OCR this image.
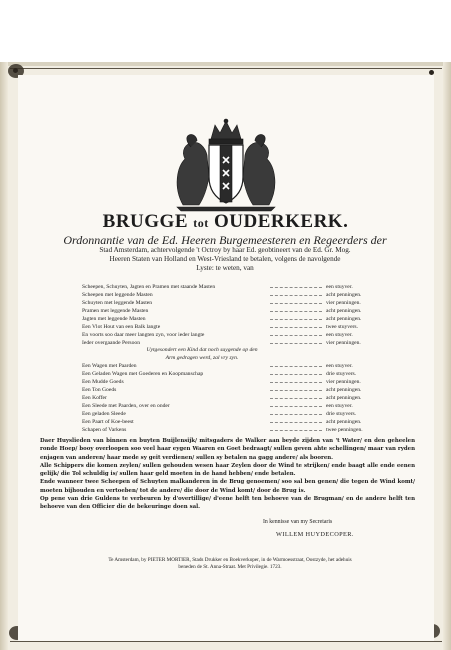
BRUGGE tot OUDERKERK.
Ordonnantie van de Ed. Heeren Burgemeesteren en Regeerders der
Stad Amsterdam, achtervolgende 't Octroy by haar Ed. geobtineert van de Ed. Gr. Mog.
Heeren Staten van Holland en West-Vriesland te betalen, volgens de navolgende
Lyste: te weten, van
Scheepen, Schuyten, Jagten en Pramen met staande Masten	een stuyver.
Scheepen met leggende Masten	acht penningen.
Schuyten met leggende Masten	vier penningen.
Pramen met leggende Masten	acht penningen.
Jagten met leggende Masten	acht penningen.
Een Vlot Hout van een Balk langte	twee stuyvers.
En voorts soo daar meer langten zyn, voor ieder langte	een stuyver.
Ieder overgaande Persoon	vier penningen.
Uytgesondert een Kind dat noch suygende op den
Arm gedragen werd, zal vry zyn.
Een Wagen met Paarden	een stuyver.
Een Geladen Wagen met Goederen en Koopmanschap	drie stuyvers.
Een Mudde Goeds	vier penningen.
Een Ton Goeds	acht penningen.
Een Koffer	acht penningen.
Een Sleede met Paarden, over en onder	een stuyver.
Een geladen Sleede	drie stuyvers.
Een Paart of Koe-beest	acht penningen.
Schapen of Varkens	twee penningen.

Daer Huyslieden van binnen en buyten Buijlensijk/ mitsgaders de Walker aan beyde zijden van 't Water/ en den geheelen ronde Hoep/ booy overloopen soo veel haar eygen Waaren en Goet bedraagt/ sullen geven ahte schellingen/ maar van ryden enjagen van anderen/ haar mede sy geit verdienen/ sullen sy betalen na gagg andere/ als booren.

Alle Schippers die komen zeylen/ sullen gehouden wesen haar Zeylen door de Wind te strijken/ ende baagt alle ende eenen gelijk/ die Tol schuldig is/ sullen haar geld moeten in de hand hebben/ ende betalen.

Ende wanneer twee Scheepen of Schuyten malkanderen in de Brug genoemen/ soo sal ben genen/ die tegen de Wind komt/ moeten bijhouden en vertoeben/ tot de andere/ die door de Wind komt/ door de Brug is.

Op pene van drie Guldens te verbeuren by d'overtillige/ d'eene helft ten behoeve van de Brugman/ en de andere helft ten behoeve van den Officier die de bekeuringe doen sal.

In kennisse van my Secretaris
WILLEM HUYDECOPER.
Te Amsterdam, by PIETER MORTIER, Stads Drukker en Boekverkoper, in de Warmoesstraat, Oostzyde, het adehuis
beneden de St. Anna-Straat. Met Privilegie. 1723.
